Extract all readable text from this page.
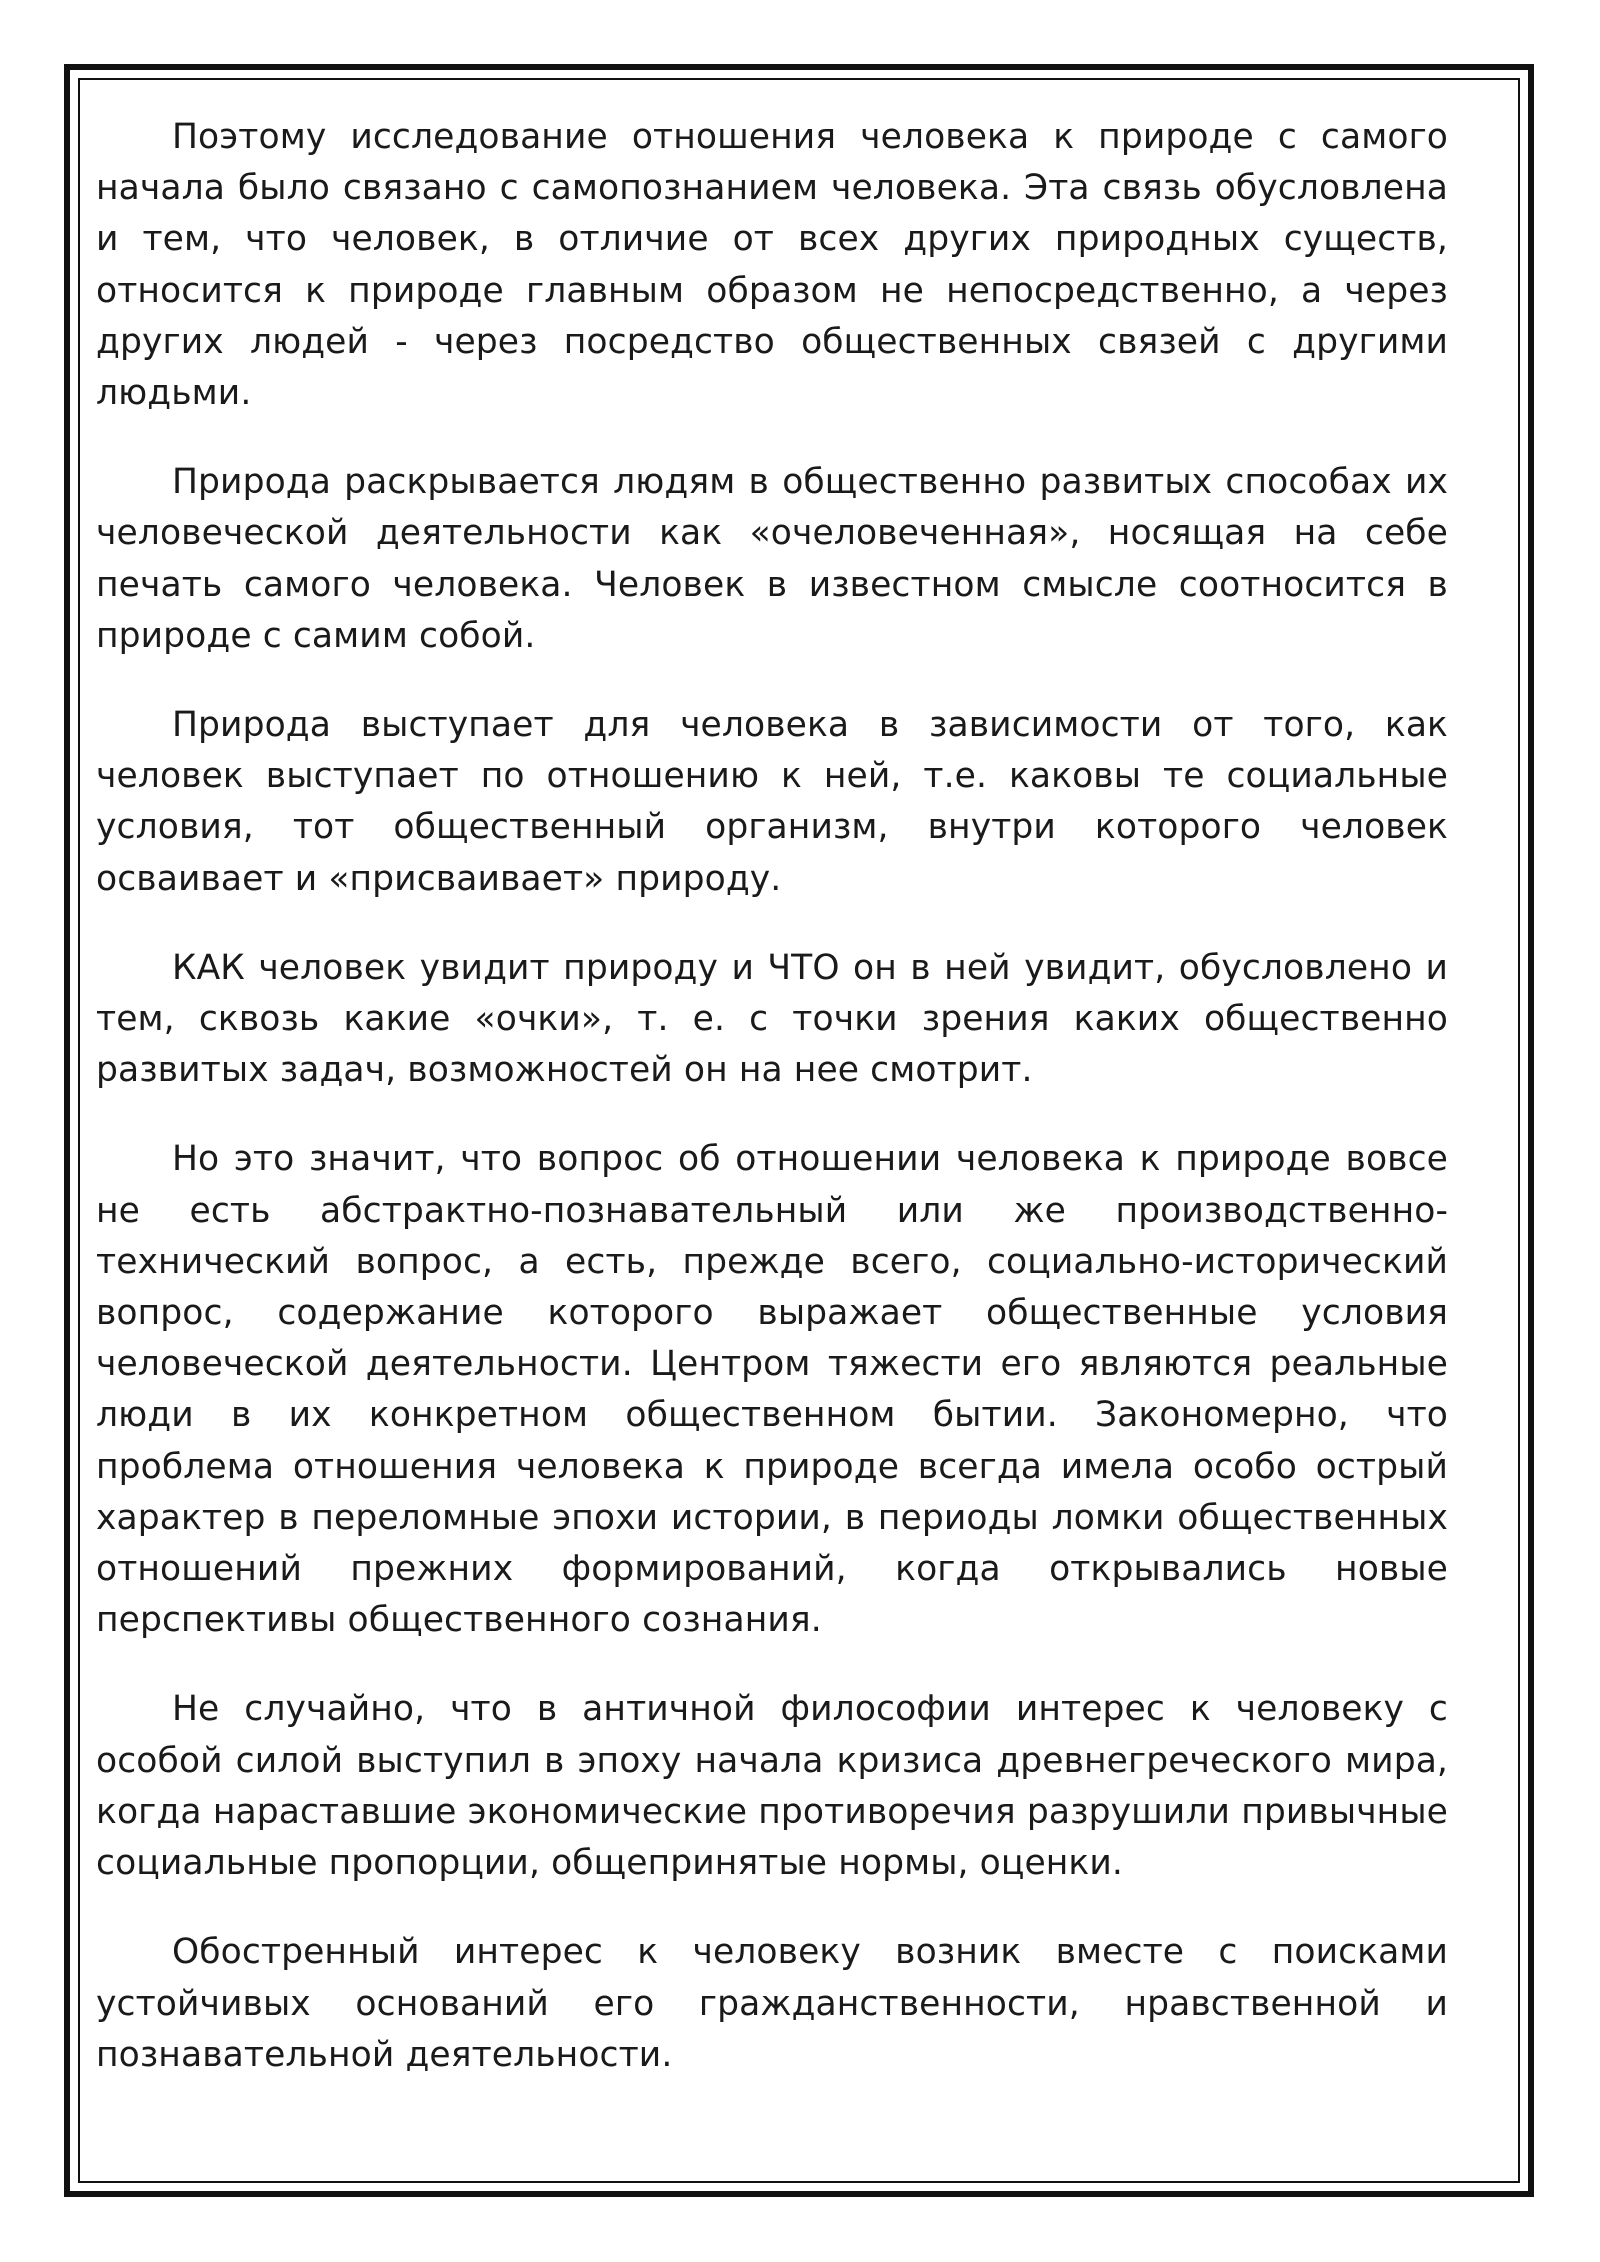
Поэтому исследование отношения человека к природе с самого начала было связано с самопознанием человека. Эта связь обусловлена и тем, что человек, в отличие от всех других природных существ, относится к природе главным образом не непосредственно, а через других людей - через посредство общественных связей с другими людьми.

Природа раскрывается людям в общественно развитых способах их человеческой деятельности как «очеловеченная», носящая на себе печать самого человека. Человек в известном смысле соотносится в природе с самим собой.

Природа выступает для человека в зависимости от того, как человек выступает по отношению к ней, т.е. каковы те социальные условия, тот общественный организм, внутри которого человек осваивает и «присваивает» природу.

КАК человек увидит природу и ЧТО он в ней увидит, обусловлено и тем, сквозь какие «очки», т. е. с точки зрения каких общественно развитых задач, возможностей он на нее смотрит.

Но это значит, что вопрос об отношении человека к природе вовсе не есть абстрактно-познавательный или же производственно-технический вопрос, а есть, прежде всего, социально-исторический вопрос, содержание которого выражает общественные условия человеческой деятельности. Центром тяжести его являются реальные люди в их конкретном общественном бытии. Закономерно, что проблема отношения человека к природе всегда имела особо острый характер в переломные эпохи истории, в периоды ломки общественных отношений прежних формирований, когда открывались новые перспективы общественного сознания.

Не случайно, что в античной философии интерес к человеку с особой силой выступил в эпоху начала кризиса древнегреческого мира, когда нараставшие экономические противоречия разрушили привычные социальные пропорции, общепринятые нормы, оценки.

Обостренный интерес к человеку возник вместе с поисками устойчивых оснований его гражданственности, нравственной и познавательной деятельности.
